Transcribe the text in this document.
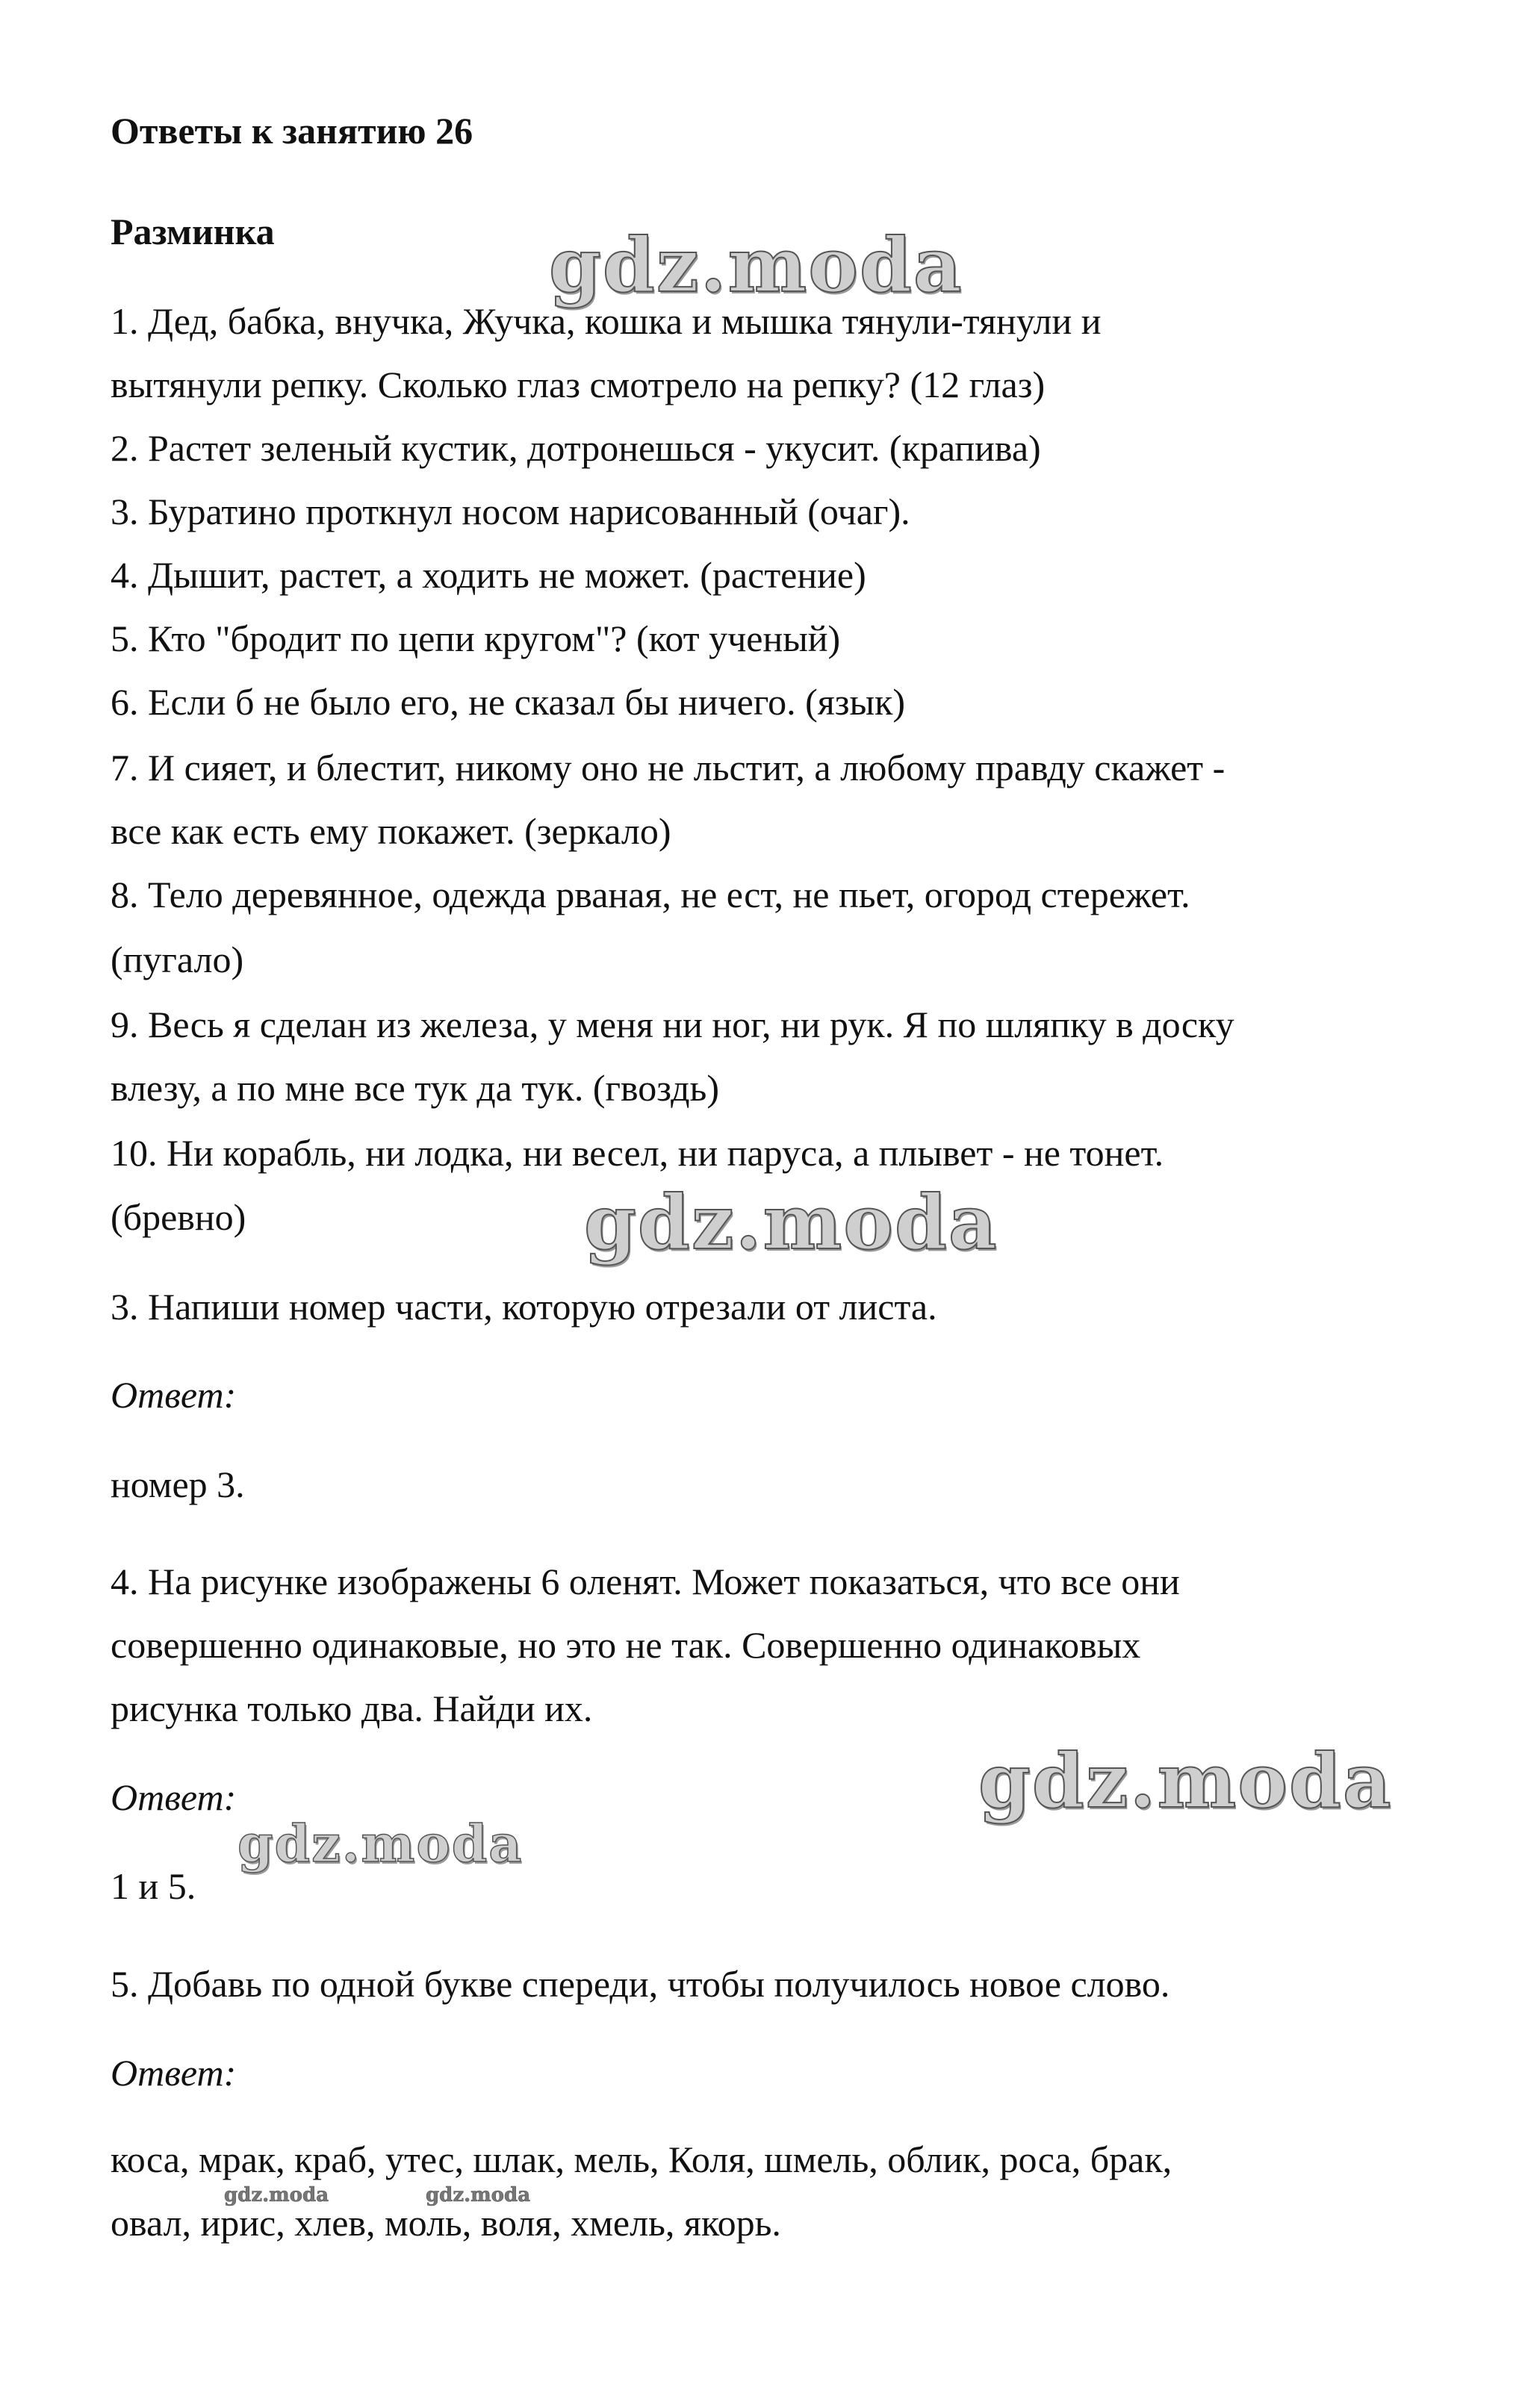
Ответы к занятию 26

Разминка

1. Дед, бабка, внучка, Жучка, кошка и мышка тянули-тянули и

вытянули репку. Сколько глаз смотрело на репку? (12 глаз)

2. Растет зеленый кустик, дотронешься - укусит. (крапива)

3. Буратино проткнул носом нарисованный (очаг).

4. Дышит, растет, а ходить не может. (растение)

5. Кто "бродит по цепи кругом"? (кот ученый)

6. Если б не было его, не сказал бы ничего. (язык)

7. И сияет, и блестит, никому оно не льстит, а любому правду скажет -

все как есть ему покажет. (зеркало)

8. Тело деревянное, одежда рваная, не ест, не пьет, огород стережет.

(пугало)

9. Весь я сделан из железа, у меня ни ног, ни рук. Я по шляпку в доску

влезу, а по мне все тук да тук. (гвоздь)

10. Ни корабль, ни лодка, ни весел, ни паруса, а плывет - не тонет.

(бревно)

3. Напиши номер части, которую отрезали от листа.

Ответ:

номер 3.

4. На рисунке изображены 6 оленят. Может показаться, что все они

совершенно одинаковые, но это не так. Совершенно одинаковых

рисунка только два. Найди их.

Ответ:

1 и 5.

5. Добавь по одной букве спереди, чтобы получилось новое слово.

Ответ:

коса, мрак, краб, утес, шлак, мель, Коля, шмель, облик, роса, брак,

овал, ирис, хлев, моль, воля, хмель, якорь.

gdz.moda
gdz.moda
gdz.moda
gdz.moda
gdz.moda	gdz.moda
